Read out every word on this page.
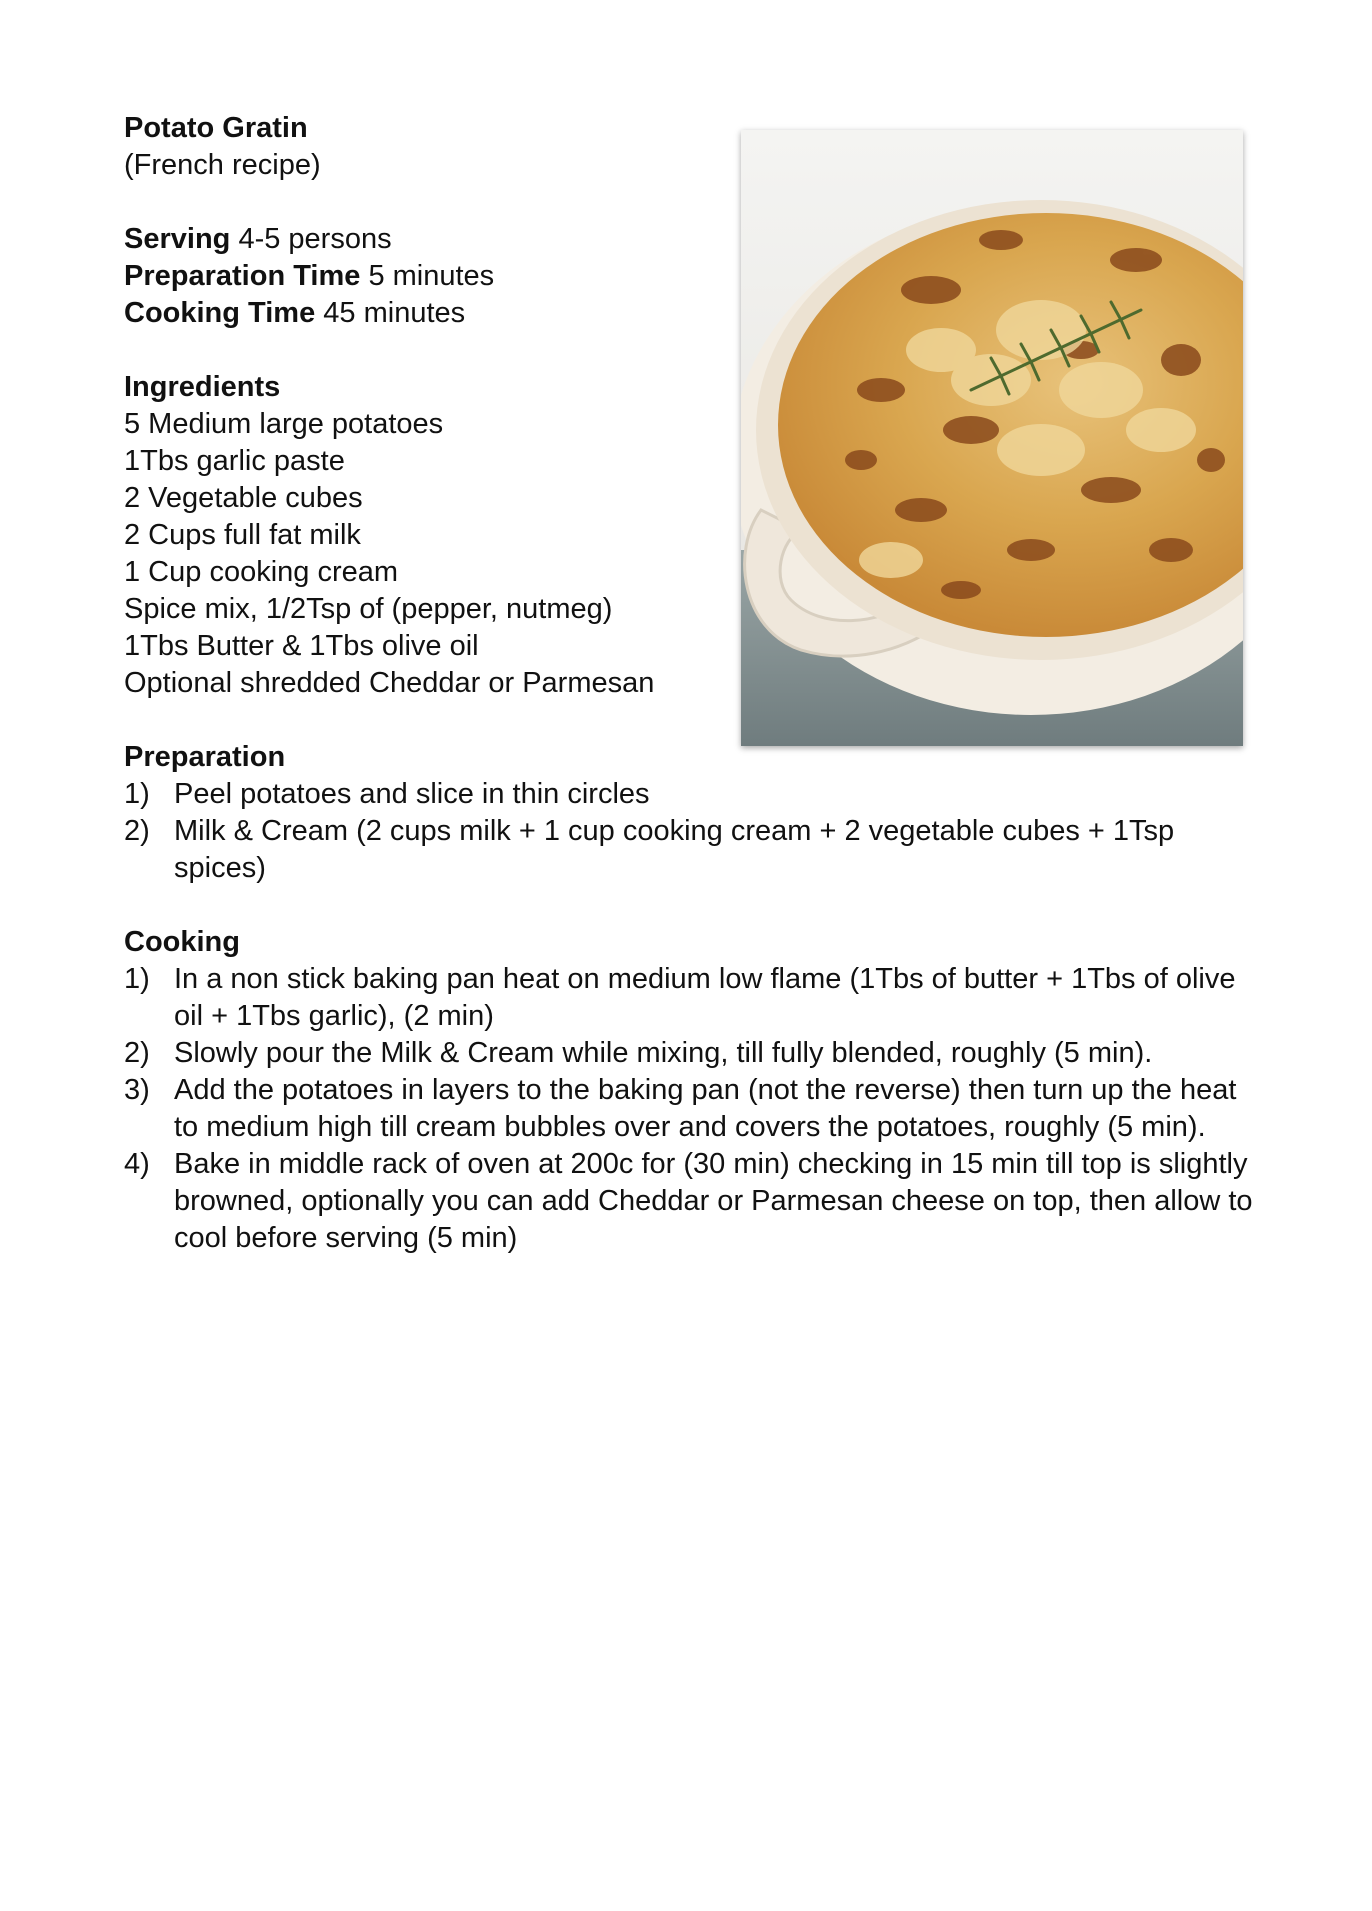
Potato Gratin
(French recipe)
Serving 4-5 persons
Preparation Time 5 minutes
Cooking Time 45 minutes
Ingredients
5 Medium large potatoes
1Tbs garlic paste
2 Vegetable cubes
2 Cups full fat milk
1 Cup cooking cream
Spice mix, 1/2Tsp of (pepper, nutmeg)
1Tbs Butter & 1Tbs olive oil
Optional shredded Cheddar or Parmesan
Preparation
1) Peel potatoes and slice in thin circles
2) Milk & Cream (2 cups milk + 1 cup cooking cream + 2 vegetable cubes + 1Tsp spices)
Cooking
1) In a non stick baking pan heat on medium low flame (1Tbs of butter + 1Tbs of olive oil + 1Tbs garlic), (2 min)
2) Slowly pour the Milk & Cream while mixing, till fully blended, roughly (5 min).
3) Add the potatoes in layers to the baking pan (not the reverse) then turn up the heat to medium high till cream bubbles over and covers the potatoes, roughly (5 min).
4) Bake in middle rack of oven at 200c for (30 min) checking in 15 min till top is slightly browned, optionally you can add Cheddar or Parmesan cheese on top, then allow to cool before serving (5 min)
